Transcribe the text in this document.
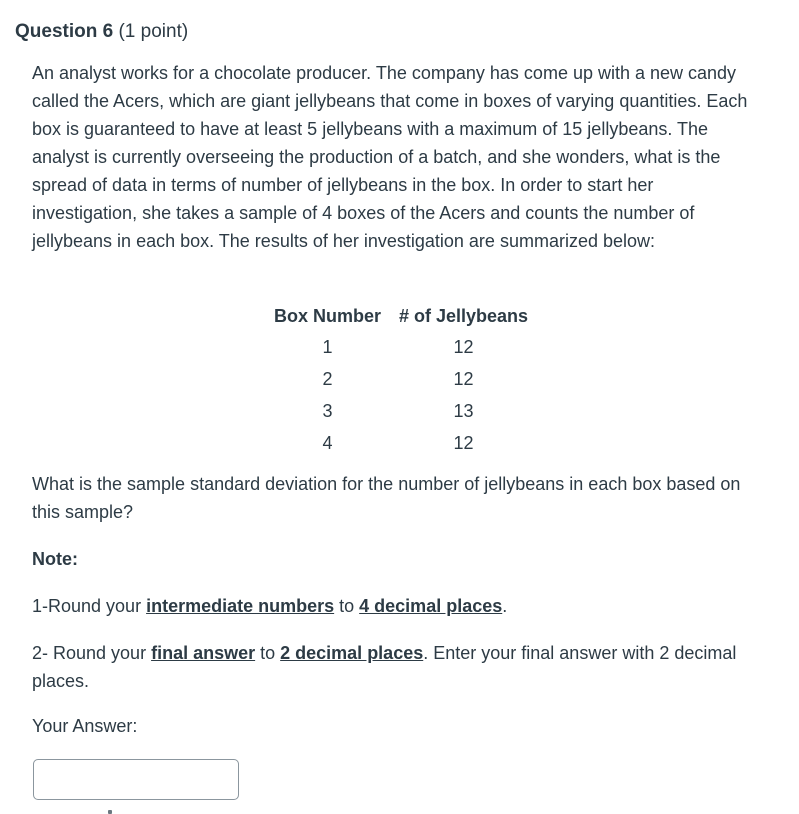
Question 6 (1 point)
An analyst works for a chocolate producer. The company has come up with a new candy called the Acers, which are giant jellybeans that come in boxes of varying quantities. Each box is guaranteed to have at least 5 jellybeans with a maximum of 15 jellybeans. The analyst is currently overseeing the production of a batch, and she wonders, what is the spread of data in terms of number of jellybeans in the box. In order to start her investigation, she takes a sample of 4 boxes of the Acers and counts the number of jellybeans in each box. The results of her investigation are summarized below:
Box Number	# of Jellybeans
1	12
2	12
3	13
4	12
What is the sample standard deviation for the number of jellybeans in each box based on this sample?
Note:
1-Round your intermediate numbers to 4 decimal places.
2- Round your final answer to 2 decimal places. Enter your final answer with 2 decimal places.
Your Answer:
